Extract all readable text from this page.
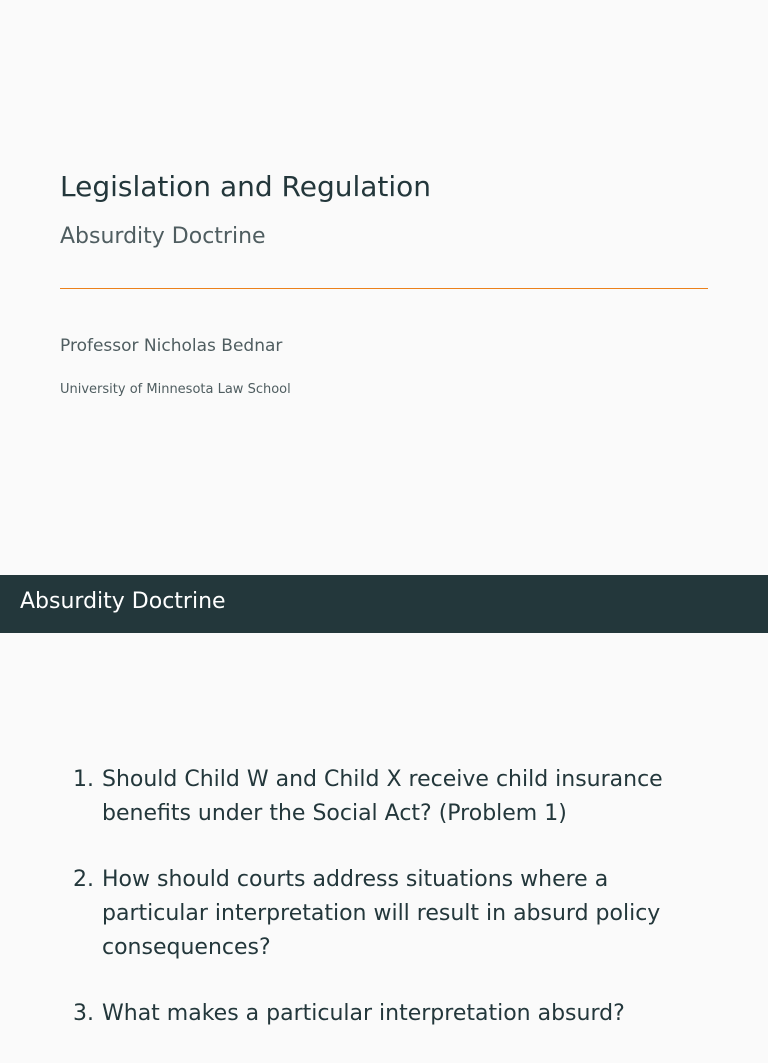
Legislation and Regulation
Absurdity Doctrine
Professor Nicholas Bednar
University of Minnesota Law School
Absurdity Doctrine
1. Should Child W and Child X receive child insurance benefits under the Social Act? (Problem 1)
2. How should courts address situations where a particular interpretation will result in absurd policy consequences?
3. What makes a particular interpretation absurd?
